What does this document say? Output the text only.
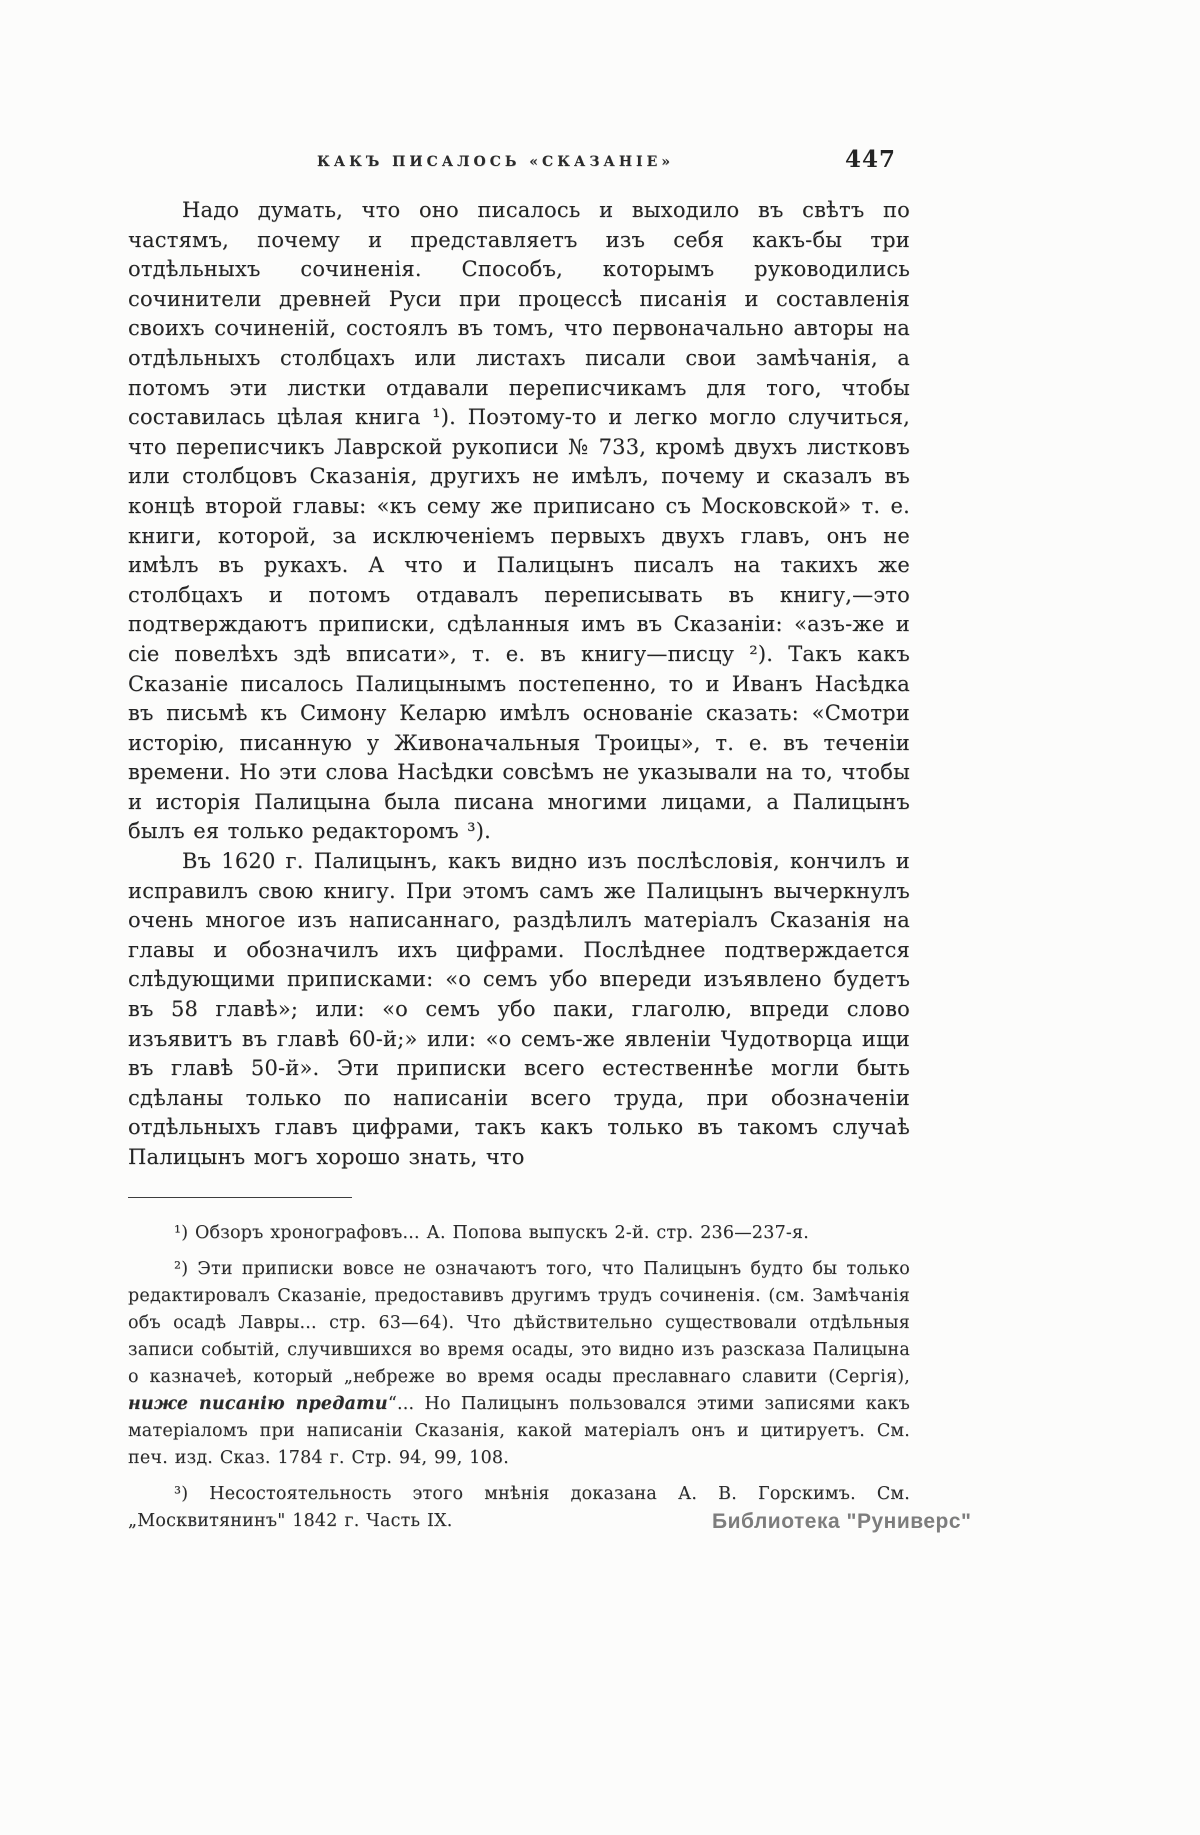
КАКЪ ПИСАЛОСЬ «СКАЗАНІЕ»	447

Надо думать, что оно писалось и выходило въ свѣтъ по частямъ, почему и представляетъ изъ себя какъ-бы три отдѣльныхъ сочиненія. Способъ, которымъ руководились сочинители древней Руси при процессѣ писанія и составленія своихъ сочиненій, состоялъ въ томъ, что первоначально авторы на отдѣльныхъ столбцахъ или листахъ писали свои замѣчанія, а потомъ эти листки отдавали переписчикамъ для того, чтобы составилась цѣлая книга ¹). Поэтому-то и легко могло случиться, что переписчикъ Лаврской рукописи № 733, кромѣ двухъ листковъ или столбцовъ Сказанія, другихъ не имѣлъ, почему и сказалъ въ концѣ второй главы: «къ сему же приписано съ Московской» т. е. книги, которой, за исключеніемъ первыхъ двухъ главъ, онъ не имѣлъ въ рукахъ. А что и Палицынъ писалъ на такихъ же столбцахъ и потомъ отдавалъ переписывать въ книгу,—это подтверждаютъ приписки, сдѣланныя имъ въ Сказаніи: «азъ-же и сіе повелѣхъ здѣ вписати», т. е. въ книгу—писцу ²). Такъ какъ Сказаніе писалось Палицынымъ постепенно, то и Иванъ Насѣдка въ письмѣ къ Симону Келарю имѣлъ основаніе сказать: «Смотри исторію, писанную у Живоначальныя Троицы», т. е. въ теченіи времени. Но эти слова Насѣдки совсѣмъ не указывали на то, чтобы и исторія Палицына была писана многими лицами, а Палицынъ былъ ея только редакторомъ ³).

Въ 1620 г. Палицынъ, какъ видно изъ послѣсловія, кончилъ и исправилъ свою книгу. При этомъ самъ же Палицынъ вычеркнулъ очень многое изъ написаннаго, раздѣлилъ матеріалъ Сказанія на главы и обозначилъ ихъ цифрами. Послѣднее подтверждается слѣдующими приписками: «о семъ убо впереди изъявлено будетъ въ 58 главѣ»; или: «о семъ убо паки, глаголю, впреди слово изъявитъ въ главѣ 60-й;» или: «о семъ-же явленіи Чудотворца ищи въ главѣ 50-й». Эти приписки всего естественнѣе могли быть сдѣланы только по написаніи всего труда, при обозначеніи отдѣльныхъ главъ цифрами, такъ какъ только въ такомъ случаѣ Палицынъ могъ хорошо знать, что

¹) Обзоръ хронографовъ... А. Попова выпускъ 2-й. стр. 236—237-я.

²) Эти приписки вовсе не означаютъ того, что Палицынъ будто бы только редактировалъ Сказаніе, предоставивъ другимъ трудъ сочиненія. (см. Замѣчанія объ осадѣ Лавры... стр. 63—64). Что дѣйствительно существовали отдѣльныя записи событій, случившихся во время осады, это видно изъ разсказа Палицына о казначеѣ, который „небреже во время осады преславнаго славити (Сергія), ниже писанію предати“... Но Палицынъ пользовался этими записями какъ матеріаломъ при написаніи Сказанія, какой матеріалъ онъ и цитируетъ. См. печ. изд. Сказ. 1784 г. Стр. 94, 99, 108.

³) Несостоятельность этого мнѣнія доказана А. В. Горскимъ. См. „Москвитянинъ" 1842 г. Часть IX.	Библиотека "Руниверс"
